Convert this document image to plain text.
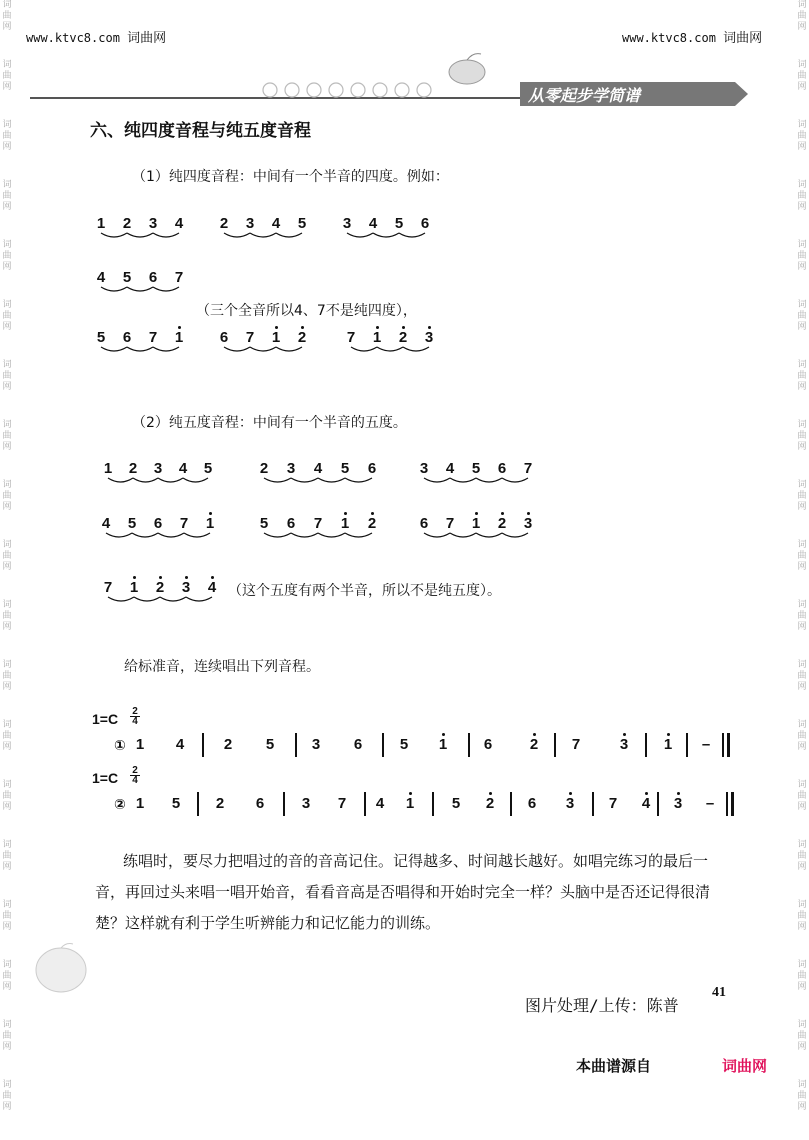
词
曲
网
词
曲
网
词
曲
网
词
曲
网
词
曲
网
词
曲
网
词
曲
网
词
曲
网
词
曲
网
词
曲
网
词
曲
网
词
曲
网
词
曲
网
词
曲
网
词
曲
网
词
曲
网
词
曲
网
词
曲
网
词
曲
网
词
曲
网
词
曲
网
词
曲
网
词
曲
网
词
曲
网
词
曲
网
词
曲
网
词
曲
网
词
曲
网
词
曲
网
词
曲
网
词
曲
网
词
曲
网
词
曲
网
词
曲
网
词
曲
网
词
曲
网
词
曲
网
词
曲
网
www.ktvc8.com 词曲网	www.ktvc8.com 词曲网
从零起步学简谱
六、纯四度音程与纯五度音程
（1）纯四度音程：中间有一个半音的四度。例如：
1 2 3 4 2 3 4 5 3 4 5 6
4 5 6 7
（三个全音所以4、7不是纯四度），
5 6 7 1 6 7 1 2	7 1 2 3
（2）纯五度音程：中间有一个半音的五度。
1 2 3 4 5	2 3 4 5 6	3 4 5 6 7
4 5 6 7 1	5 6 7 1 2	6 7 1 2 3
7 1 2 3 4 （这个五度有两个半音，所以不是纯五度）。
给标准音，连续唱出下列音程。
$1=C \frac{2}{4}$
① 1 4	2 5	3 6	5 1 6	2 7	3 1 –
$1=C \frac{2}{4}$
② 1 5 2 6	3 7 4 1	5 2 6 3 7 4 3 –
练唱时，要尽力把唱过的音的音高记住。记得越多、时间越长越好。如唱完练习的最后一音，再回过头来唱一唱开始音，看看音高是否唱得和开始时完全一样？头脑中是否还记得很清楚？这样就有利于学生听辨能力和记忆能力的训练。
图片处理/上传：陈普
41
本曲谱源自	词曲网
